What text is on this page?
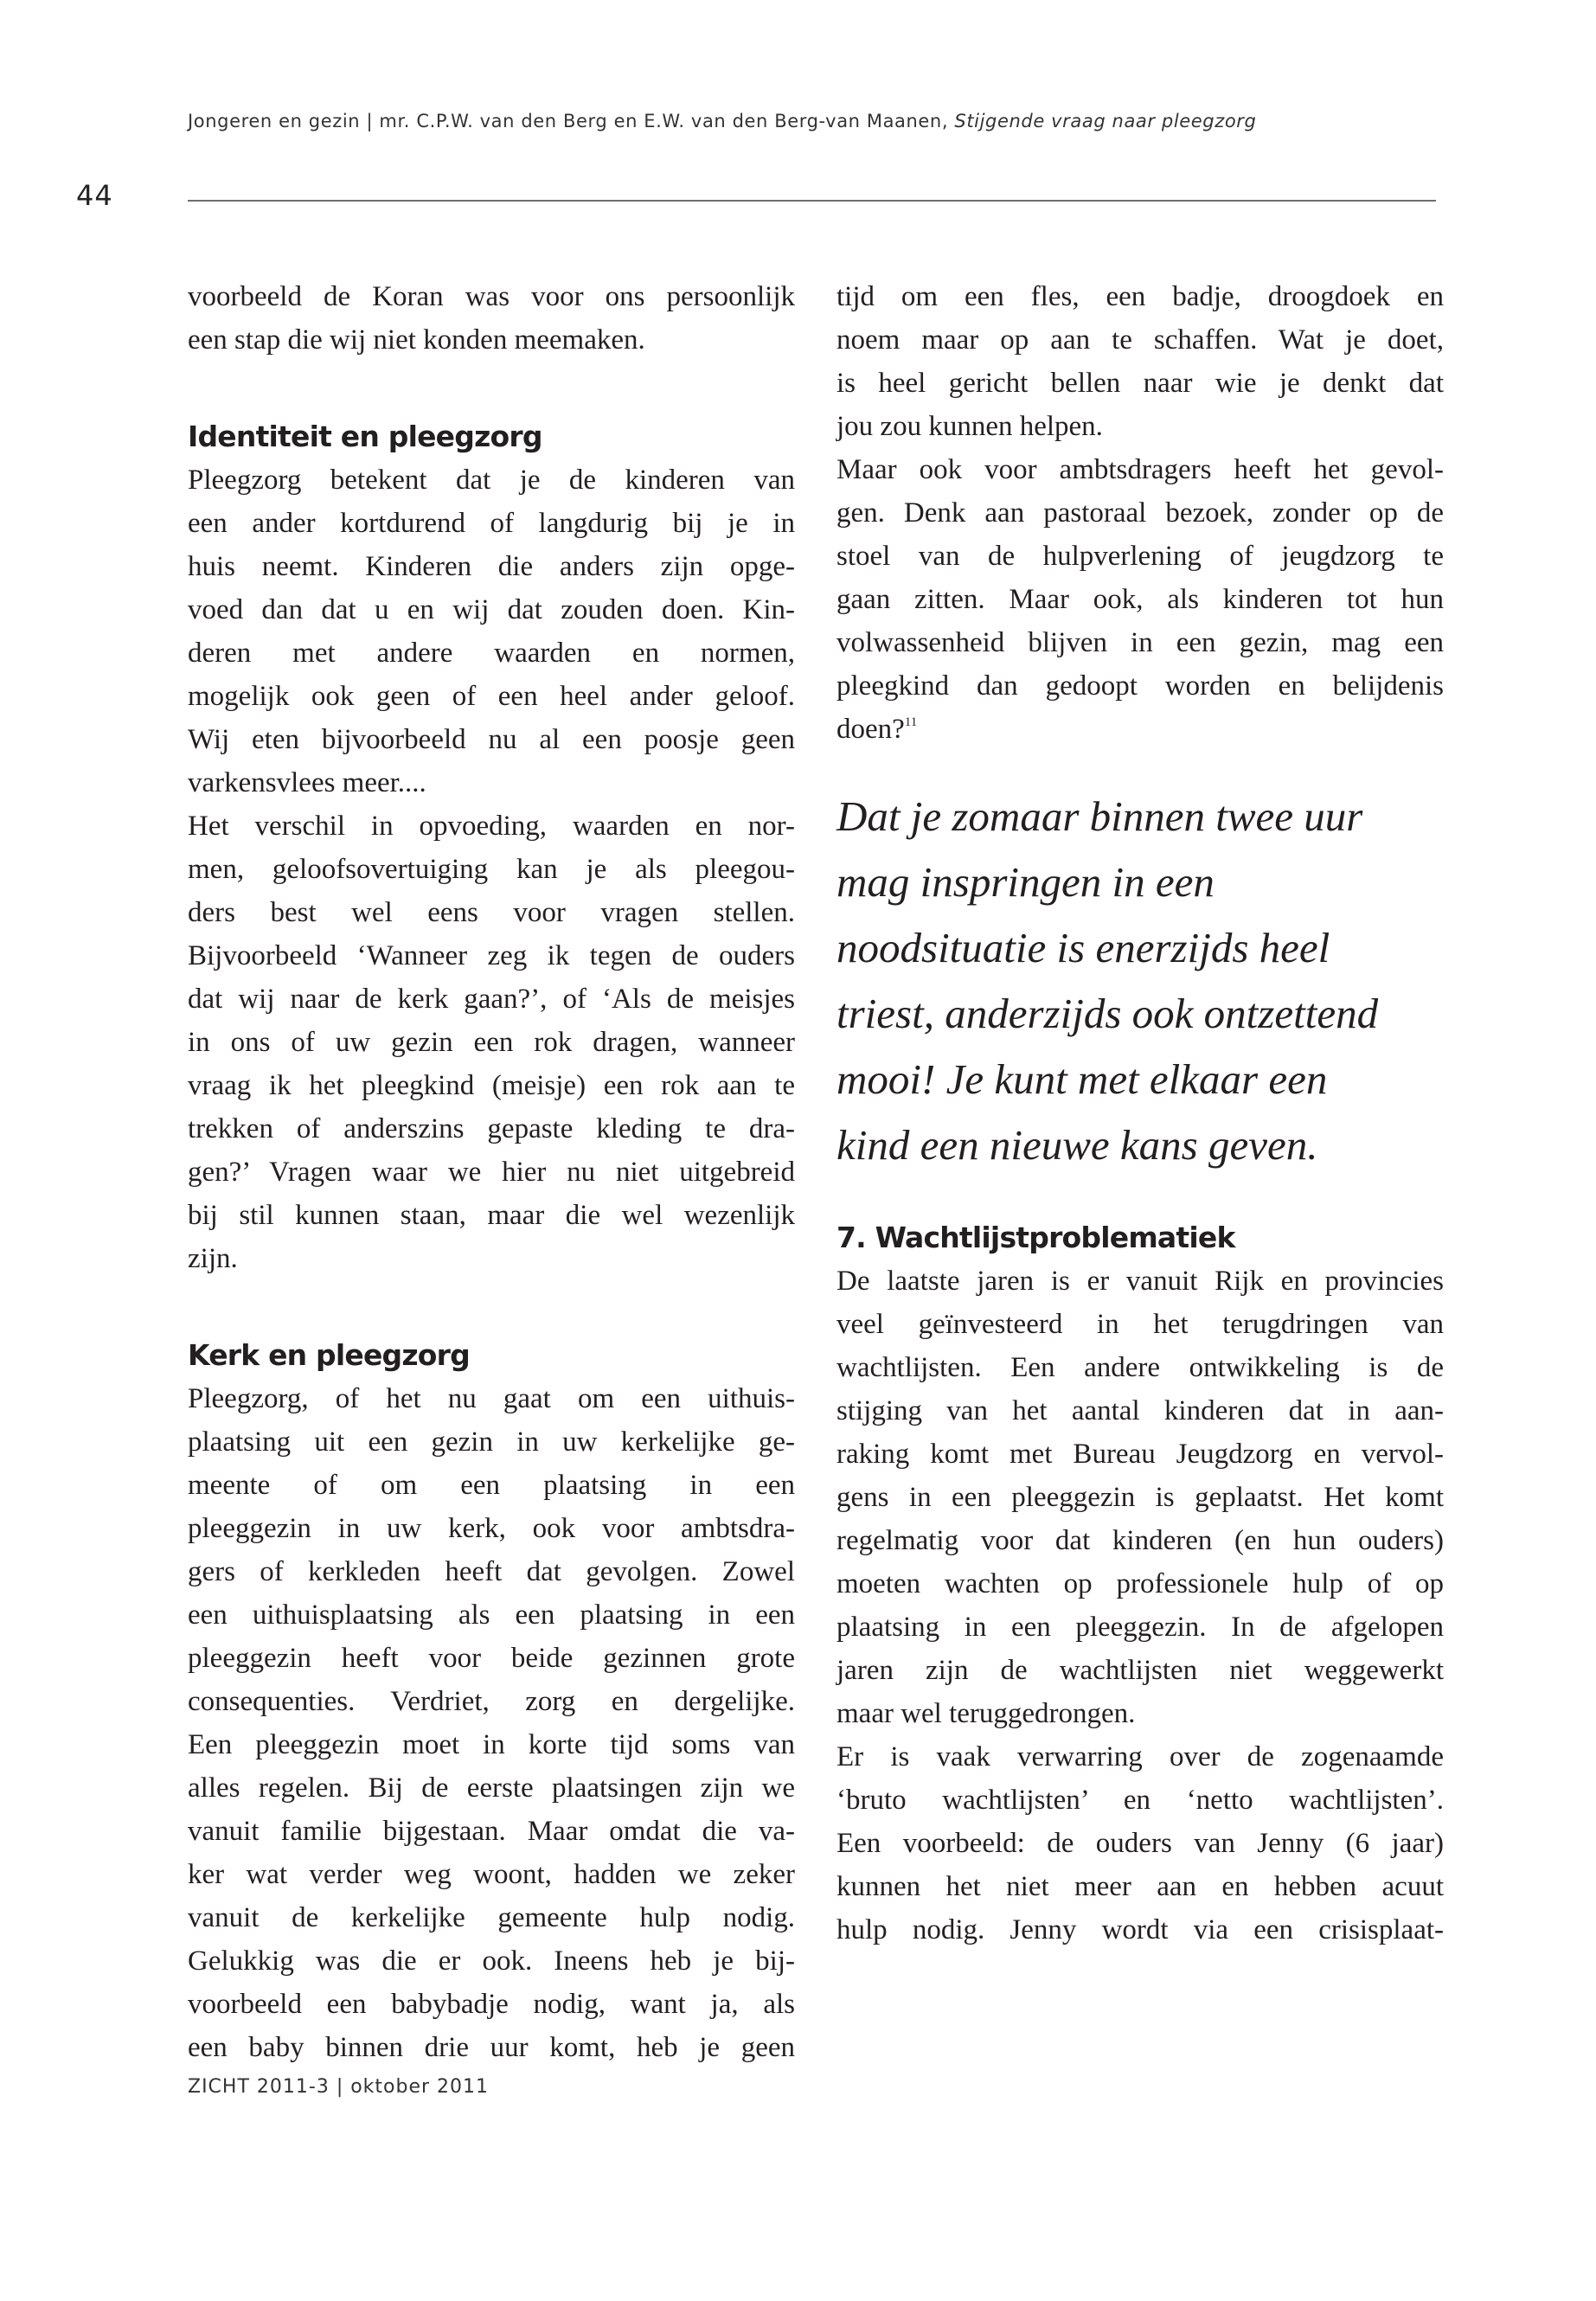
Jongeren en gezin | mr. C.P.W. van den Berg en E.W. van den Berg-van Maanen, Stijgende vraag naar pleegzorg
44
voorbeeld de Koran was voor ons persoonlijk
een stap die wij niet konden meemaken.
Identiteit en pleegzorg
Pleegzorg betekent dat je de kinderen van
een ander kortdurend of langdurig bij je in
huis neemt. Kinderen die anders zijn opge-
voed dan dat u en wij dat zouden doen. Kin-
deren met andere waarden en normen,
mogelijk ook geen of een heel ander geloof.
Wij eten bijvoorbeeld nu al een poosje geen
varkensvlees meer....
Het verschil in opvoeding, waarden en nor-
men, geloofsovertuiging kan je als pleegou-
ders best wel eens voor vragen stellen.
Bijvoorbeeld ‘Wanneer zeg ik tegen de ouders
dat wij naar de kerk gaan?’, of ‘Als de meisjes
in ons of uw gezin een rok dragen, wanneer
vraag ik het pleegkind (meisje) een rok aan te
trekken of anderszins gepaste kleding te dra-
gen?’ Vragen waar we hier nu niet uitgebreid
bij stil kunnen staan, maar die wel wezenlijk
zijn.
Kerk en pleegzorg
Pleegzorg, of het nu gaat om een uithuis-
plaatsing uit een gezin in uw kerkelijke ge-
meente of om een plaatsing in een
pleeggezin in uw kerk, ook voor ambtsdra-
gers of kerkleden heeft dat gevolgen. Zowel
een uithuisplaatsing als een plaatsing in een
pleeggezin heeft voor beide gezinnen grote
consequenties. Verdriet, zorg en dergelijke.
Een pleeggezin moet in korte tijd soms van
alles regelen. Bij de eerste plaatsingen zijn we
vanuit familie bijgestaan. Maar omdat die va-
ker wat verder weg woont, hadden we zeker
vanuit de kerkelijke gemeente hulp nodig.
Gelukkig was die er ook. Ineens heb je bij-
voorbeeld een babybadje nodig, want ja, als
een baby binnen drie uur komt, heb je geen
tijd om een fles, een badje, droogdoek en
noem maar op aan te schaffen. Wat je doet,
is heel gericht bellen naar wie je denkt dat
jou zou kunnen helpen.
Maar ook voor ambtsdragers heeft het gevol-
gen. Denk aan pastoraal bezoek, zonder op de
stoel van de hulpverlening of jeugdzorg te
gaan zitten. Maar ook, als kinderen tot hun
volwassenheid blijven in een gezin, mag een
pleegkind dan gedoopt worden en belijdenis
doen?$^{11}$
Dat je zomaar binnen twee uur
mag inspringen in een
noodsituatie is enerzijds heel
triest, anderzijds ook ontzettend
mooi! Je kunt met elkaar een
kind een nieuwe kans geven.
7. Wachtlijstproblematiek
De laatste jaren is er vanuit Rijk en provincies
veel geïnvesteerd in het terugdringen van
wachtlijsten. Een andere ontwikkeling is de
stijging van het aantal kinderen dat in aan-
raking komt met Bureau Jeugdzorg en vervol-
gens in een pleeggezin is geplaatst. Het komt
regelmatig voor dat kinderen (en hun ouders)
moeten wachten op professionele hulp of op
plaatsing in een pleeggezin. In de afgelopen
jaren zijn de wachtlijsten niet weggewerkt
maar wel teruggedrongen.
Er is vaak verwarring over de zogenaamde
‘bruto wachtlijsten’ en ‘netto wachtlijsten’.
Een voorbeeld: de ouders van Jenny (6 jaar)
kunnen het niet meer aan en hebben acuut
hulp nodig. Jenny wordt via een crisisplaat-
ZICHT 2011-3 | oktober 2011
